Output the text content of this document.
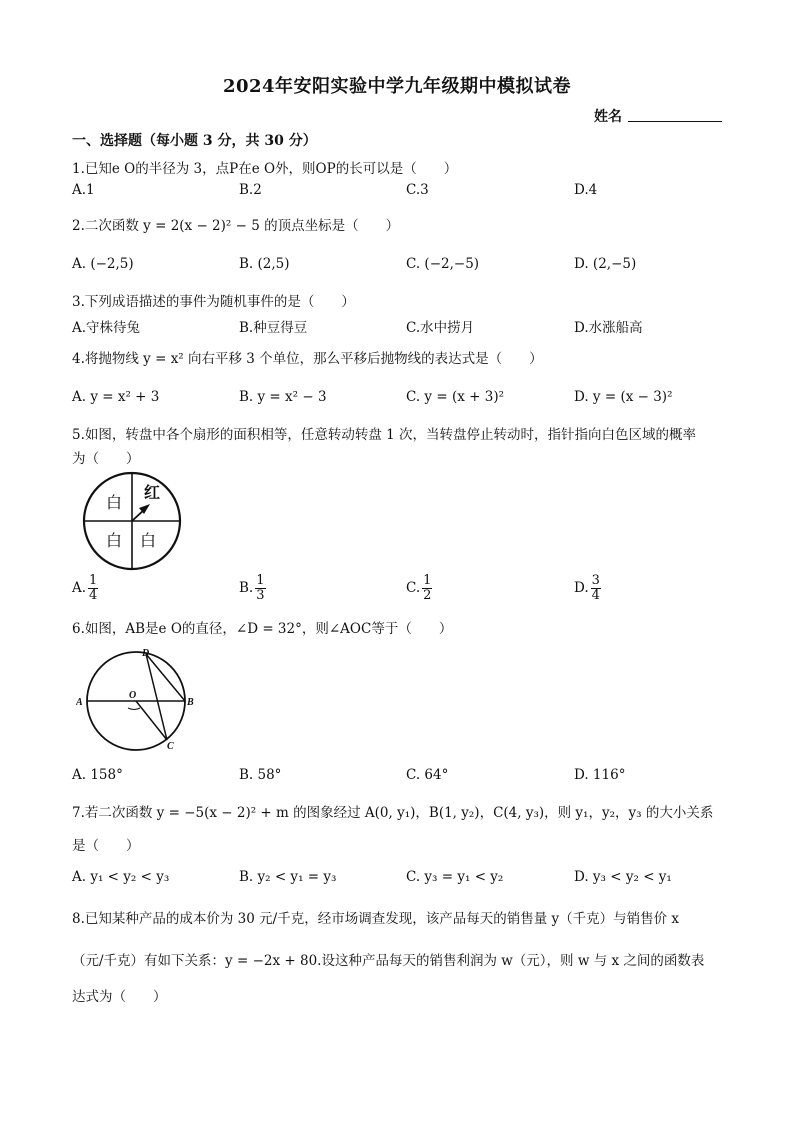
2024年安阳实验中学九年级期中模拟试卷
姓名
一、选择题（每小题 3 分，共 30 分）
1.已知e O的半径为 3，点P在e O外，则OP的长可以是（　　）
A.1	B.2	C.3	D.4
2.二次函数 y = 2(x − 2)² − 5 的顶点坐标是（　　）
A. (−2,5)	B. (2,5)	C. (−2,−5)	D. (2,−5)
3.下列成语描述的事件为随机事件的是（　　）
A.守株待兔	B.种豆得豆	C.水中捞月	D.水涨船高
4.将抛物线 y = x² 向右平移 3 个单位，那么平移后抛物线的表达式是（　　）
A. y = x² + 3	B. y = x² − 3	C. y = (x + 3)²	D. y = (x − 3)²
5.如图，转盘中各个扇形的面积相等，任意转动转盘 1 次，当转盘停止转动时，指针指向白色区域的概率
为（　　）
白
红
白 白
A. $\frac{1}{4}$	B. $\frac{1}{3}$	C. $\frac{1}{2}$	D. $\frac{3}{4}$
6.如图，AB是e O的直径，∠D = 32°，则∠AOC等于（　　）
A	B
C
D
O
A. 158°	B. 58°	C. 64°	D. 116°
7.若二次函数 y = −5(x − 2)² + m 的图象经过 A(0, y₁)，B(1, y₂)，C(4, y₃)，则 y₁，y₂，y₃ 的大小关系
是（　　）
A. y₁ < y₂ < y₃	B. y₂ < y₁ = y₃	C. y₃ = y₁ < y₂	D. y₃ < y₂ < y₁
8.已知某种产品的成本价为 30 元/千克，经市场调查发现，该产品每天的销售量 y（千克）与销售价 x
（元/千克）有如下关系：y = −2x + 80.设这种产品每天的销售利润为 w（元），则 w 与 x 之间的函数表
达式为（　　）
